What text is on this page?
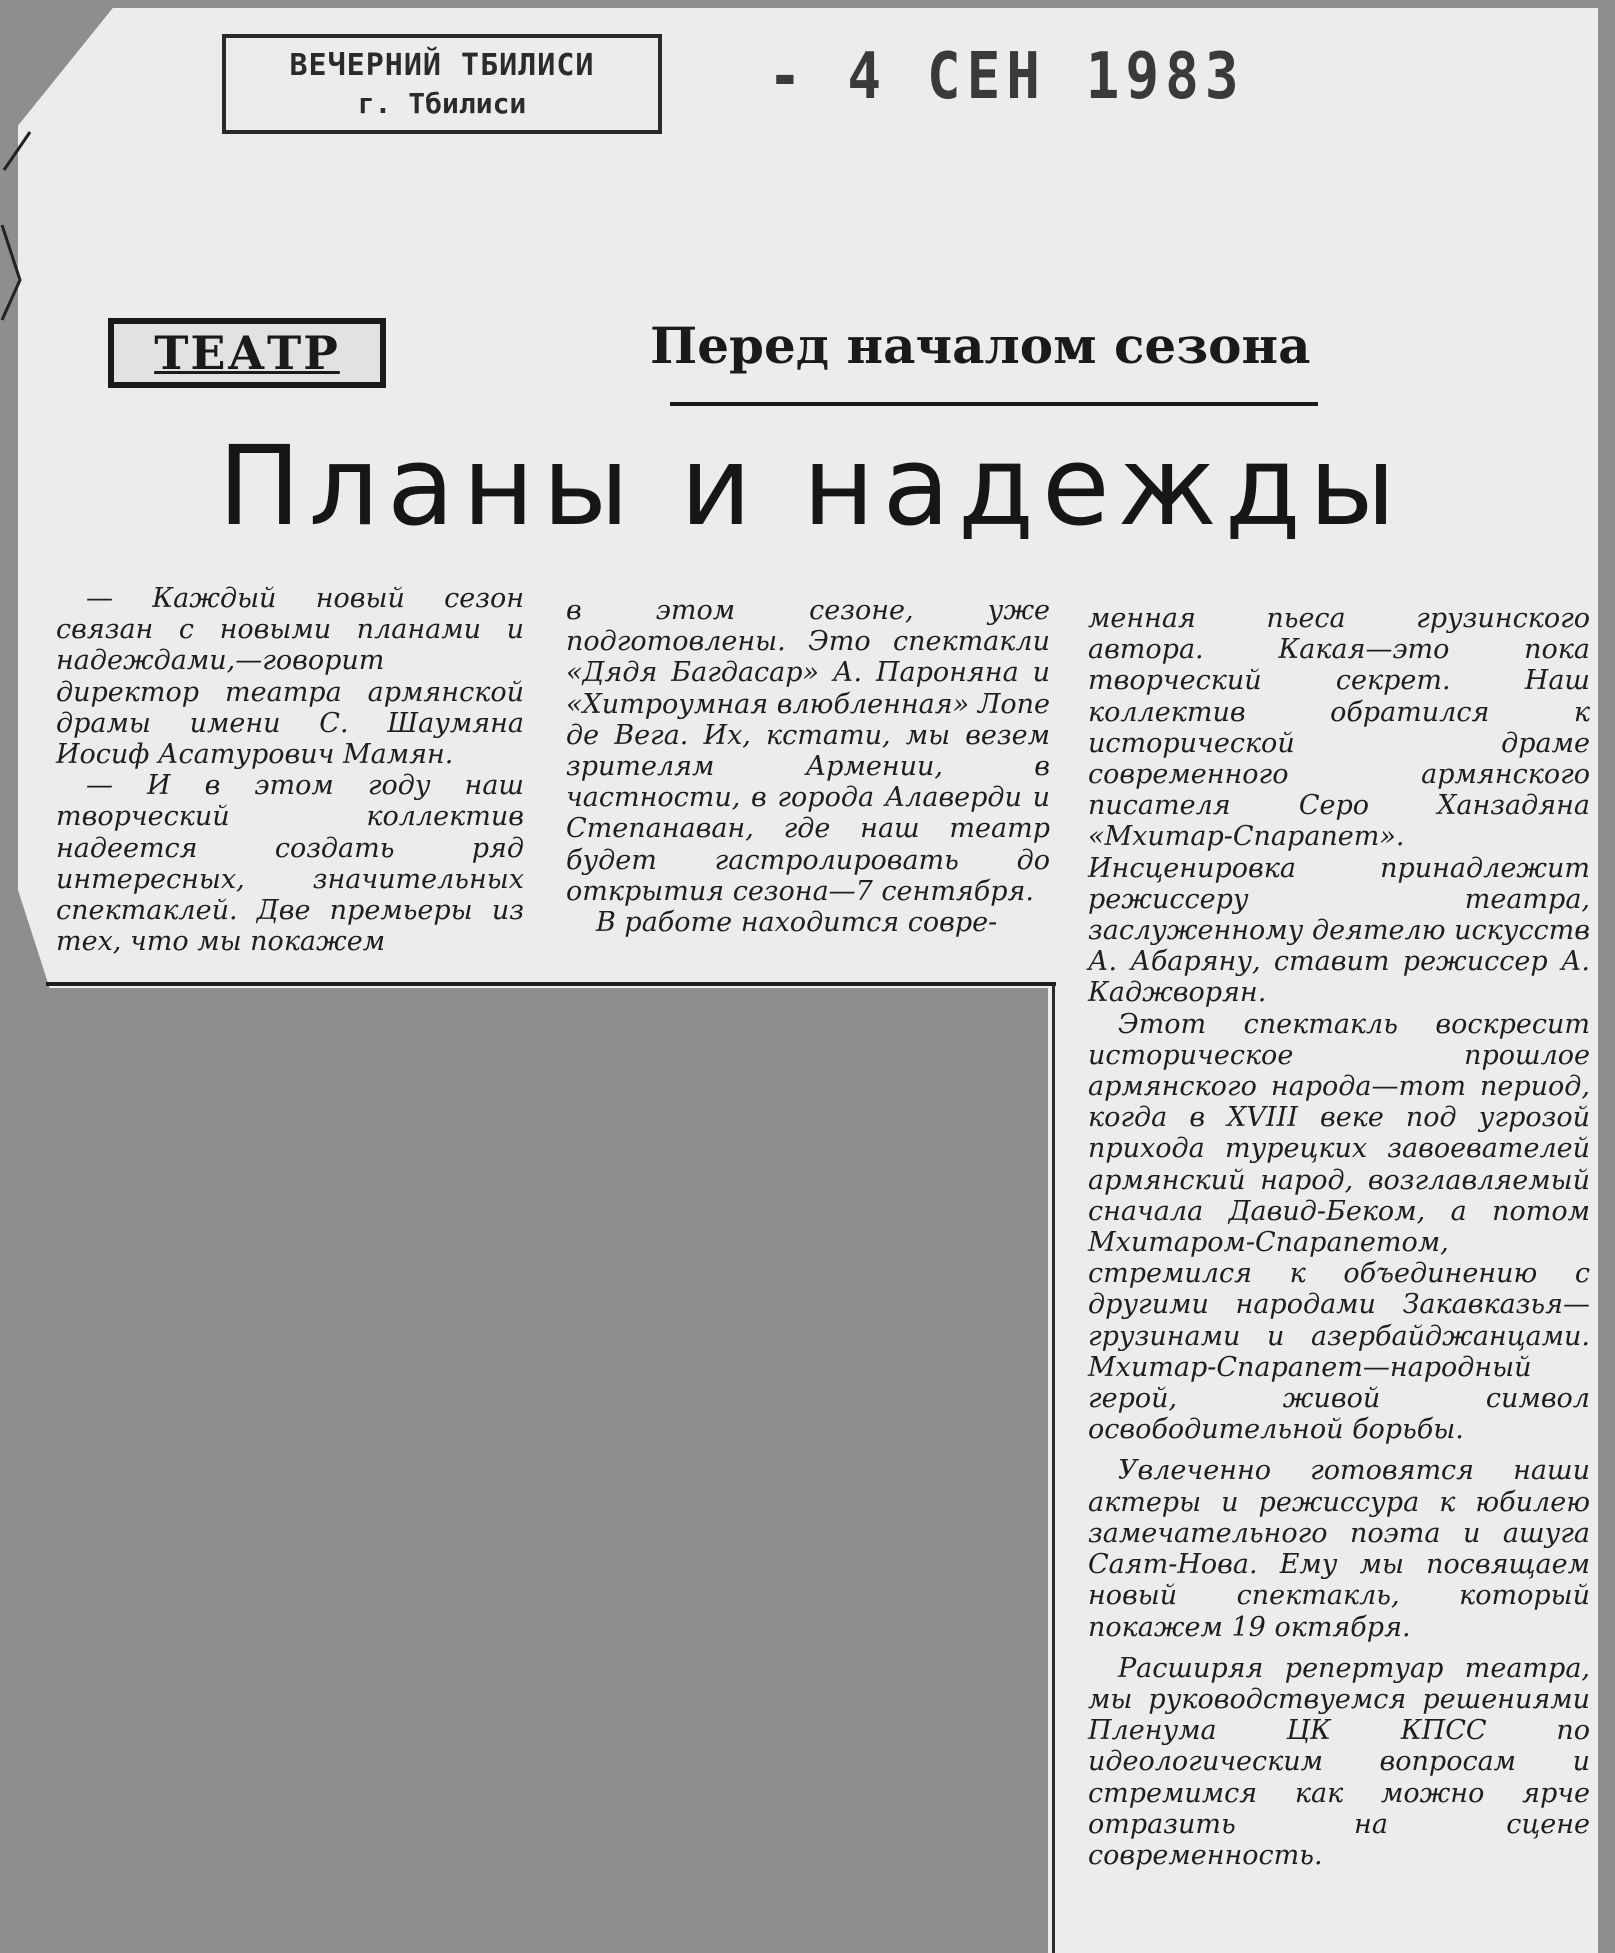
ВЕЧЕРНИЙ ТБИЛИСИ
г. Тбилиси	- 4 СЕН 1983
ТЕАТР	Перед началом сезона
Планы и надежды

— Каждый новый сезон связан с новыми планами и надеждами,—говорит директор театра армянской драмы имени С. Шаумяна Иосиф Асатурович Мамян.

— И в этом году наш творческий коллектив надеется создать ряд интересных, значительных спектаклей. Две премьеры из тех, что мы покажем

в этом сезоне, уже подготовлены. Это спектакли «Дядя Багдасар» А. Пароняна и «Хитроумная влюбленная» Лопе де Вега. Их, кстати, мы везем зрителям Армении, в частности, в города Алаверди и Степанаван, где наш театр будет гастролировать до открытия сезона—7 сентября.

В работе находится совре-

менная пьеса грузинского автора. Какая—это пока творческий секрет. Наш коллектив обратился к исторической драме современного армянского писателя Серо Ханзадяна «Мхитар-Спарапет». Инсценировка принадлежит режиссеру театра, заслуженному деятелю искусств А. Абаряну, ставит режиссер А. Каджворян.

Этот спектакль воскресит историческое прошлое армянского народа—тот период, когда в XVIII веке под угрозой прихода турецких завоевателей армянский народ, возглавляемый сначала Давид-Беком, а потом Мхитаром-Спарапетом, стремился к объединению с другими народами Закавказья— грузинами и азербайджанцами. Мхитар-Спарапет—народный герой, живой символ освободительной борьбы.

Увлеченно готовятся наши актеры и режиссура к юбилею замечательного поэта и ашуга Саят-Нова. Ему мы посвящаем новый спектакль, который покажем 19 октября.

Расширяя репертуар театра, мы руководствуемся решениями Пленума ЦК КПСС по идеологическим вопросам и стремимся как можно ярче отразить на сцене современность.
